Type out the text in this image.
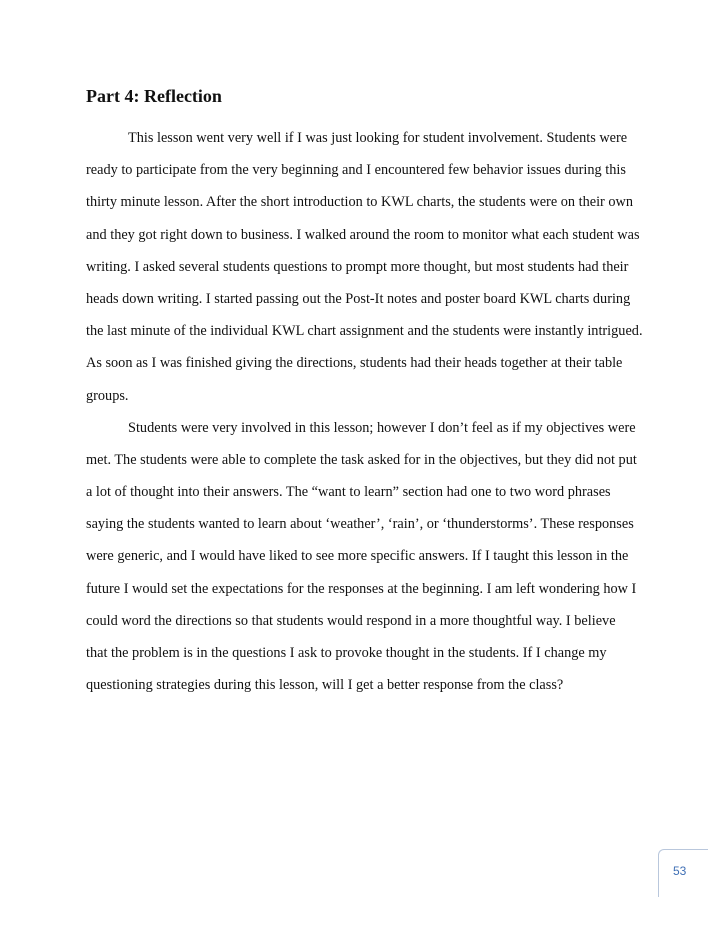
Part 4: Reflection
This lesson went very well if I was just looking for student involvement. Students were
ready to participate from the very beginning and I encountered few behavior issues during this
thirty minute lesson. After the short introduction to KWL charts, the students were on their own
and they got right down to business. I walked around the room to monitor what each student was
writing. I asked several students questions to prompt more thought, but most students had their
heads down writing. I started passing out the Post-It notes and poster board KWL charts during
the last minute of the individual KWL chart assignment and the students were instantly intrigued.
As soon as I was finished giving the directions, students had their heads together at their table
groups.
Students were very involved in this lesson; however I don’t feel as if my objectives were
met. The students were able to complete the task asked for in the objectives, but they did not put
a lot of thought into their answers. The “want to learn” section had one to two word phrases
saying the students wanted to learn about ‘weather’, ‘rain’, or ‘thunderstorms’. These responses
were generic, and I would have liked to see more specific answers. If I taught this lesson in the
future I would set the expectations for the responses at the beginning. I am left wondering how I
could word the directions so that students would respond in a more thoughtful way. I believe
that the problem is in the questions I ask to provoke thought in the students. If I change my
questioning strategies during this lesson, will I get a better response from the class?
53
